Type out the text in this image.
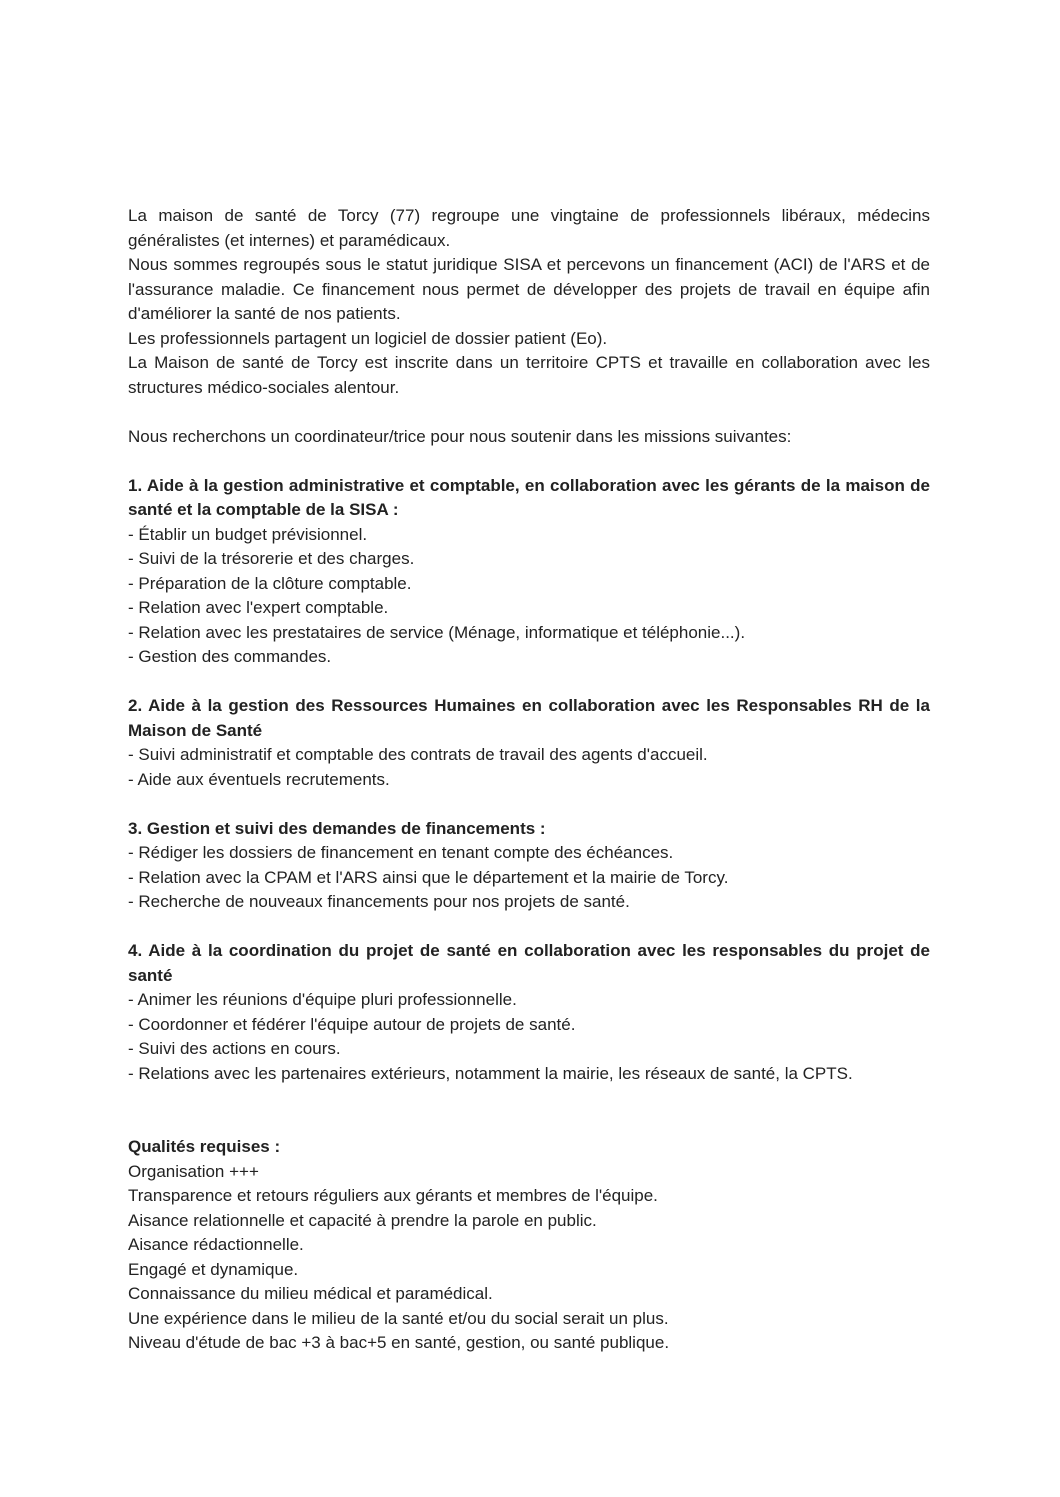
La maison de santé de Torcy (77) regroupe une vingtaine de professionnels libéraux, médecins généralistes (et internes) et paramédicaux.

Nous sommes regroupés sous le statut juridique SISA et percevons un financement (ACI) de l'ARS et de l'assurance maladie. Ce financement nous permet de développer des projets de travail en équipe afin d'améliorer la santé de nos patients.

Les professionnels partagent un logiciel de dossier patient (Eo).

La Maison de santé de Torcy est inscrite dans un territoire CPTS et travaille en collaboration avec les structures médico-sociales alentour.

Nous recherchons un coordinateur/trice pour nous soutenir dans les missions suivantes:

1. Aide à la gestion administrative et comptable, en collaboration avec les gérants de la maison de santé et la comptable de la SISA :

- Établir un budget prévisionnel.
- Suivi de la trésorerie et des charges.
- Préparation de la clôture comptable.
- Relation avec l'expert comptable.
- Relation avec les prestataires de service (Ménage, informatique et téléphonie...).
- Gestion des commandes.

2. Aide à la gestion des Ressources Humaines en collaboration avec les Responsables RH de la Maison de Santé

- Suivi administratif et comptable des contrats de travail des agents d'accueil.
- Aide aux éventuels recrutements.

3. Gestion et suivi des demandes de financements :

- Rédiger les dossiers de financement en tenant compte des échéances.
- Relation avec la CPAM et l'ARS ainsi que le département et la mairie de Torcy.
- Recherche de nouveaux financements pour nos projets de santé.

4. Aide à la coordination du projet de santé en collaboration avec les responsables du projet de santé

- Animer les réunions d'équipe pluri professionnelle.
- Coordonner et fédérer l'équipe autour de projets de santé.
- Suivi des actions en cours.
- Relations avec les partenaires extérieurs, notamment la mairie, les réseaux de santé, la CPTS.

Qualités requises :

Organisation +++
Transparence et retours réguliers aux gérants et membres de l'équipe.
Aisance relationnelle et capacité à prendre la parole en public.
Aisance rédactionnelle.
Engagé et dynamique.
Connaissance du milieu médical et paramédical.
Une expérience dans le milieu de la santé et/ou du social serait un plus.
Niveau d'étude de bac +3 à bac+5 en santé, gestion, ou santé publique.
